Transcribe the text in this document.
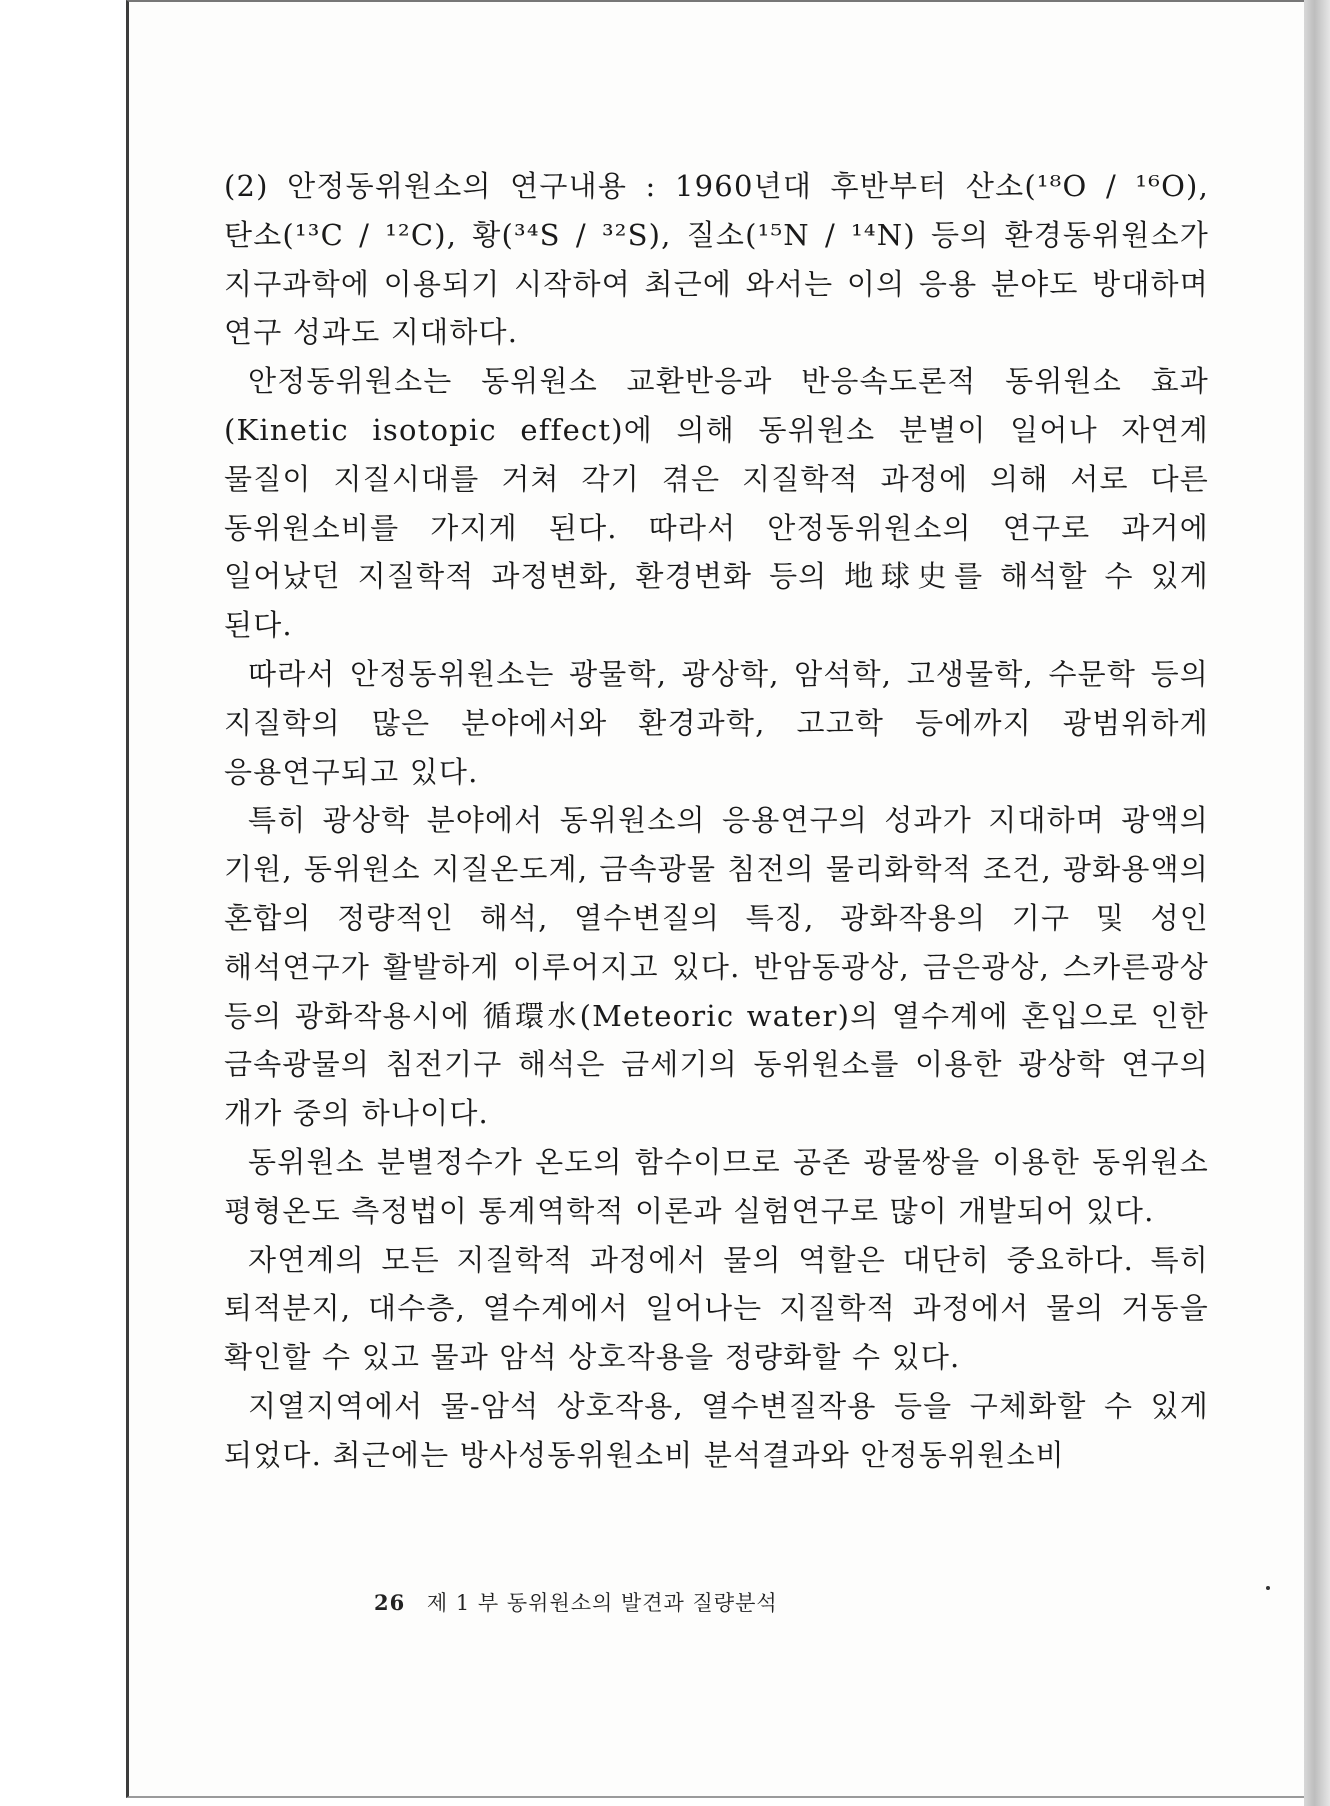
(2) 안정동위원소의 연구내용 : 1960년대 후반부터 산소(¹⁸O / ¹⁶O), 탄소(¹³C / ¹²C), 황(³⁴S / ³²S), 질소(¹⁵N / ¹⁴N) 등의 환경동위원소가 지구과학에 이용되기 시작하여 최근에 와서는 이의 응용 분야도 방대하며 연구 성과도 지대하다.

안정동위원소는 동위원소 교환반응과 반응속도론적 동위원소 효과 (Kinetic isotopic effect)에 의해 동위원소 분별이 일어나 자연계 물질이 지질시대를 거쳐 각기 겪은 지질학적 과정에 의해 서로 다른 동위원소비를 가지게 된다. 따라서 안정동위원소의 연구로 과거에 일어났던 지질학적 과정변화, 환경변화 등의 地球史를 해석할 수 있게 된다.

따라서 안정동위원소는 광물학, 광상학, 암석학, 고생물학, 수문학 등의 지질학의 많은 분야에서와 환경과학, 고고학 등에까지 광범위하게 응용연구되고 있다.

특히 광상학 분야에서 동위원소의 응용연구의 성과가 지대하며 광액의 기원, 동위원소 지질온도계, 금속광물 침전의 물리화학적 조건, 광화용액의 혼합의 정량적인 해석, 열수변질의 특징, 광화작용의 기구 및 성인 해석연구가 활발하게 이루어지고 있다. 반암동광상, 금은광상, 스카른광상 등의 광화작용시에 循環水(Meteoric water)의 열수계에 혼입으로 인한 금속광물의 침전기구 해석은 금세기의 동위원소를 이용한 광상학 연구의 개가 중의 하나이다.

동위원소 분별정수가 온도의 함수이므로 공존 광물쌍을 이용한 동위원소 평형온도 측정법이 통계역학적 이론과 실험연구로 많이 개발되어 있다.

자연계의 모든 지질학적 과정에서 물의 역할은 대단히 중요하다. 특히 퇴적분지, 대수층, 열수계에서 일어나는 지질학적 과정에서 물의 거동을 확인할 수 있고 물과 암석 상호작용을 정량화할 수 있다.

지열지역에서 물-암석 상호작용, 열수변질작용 등을 구체화할 수 있게 되었다. 최근에는 방사성동위원소비 분석결과와 안정동위원소비

26 제 1 부 동위원소의 발견과 질량분석
